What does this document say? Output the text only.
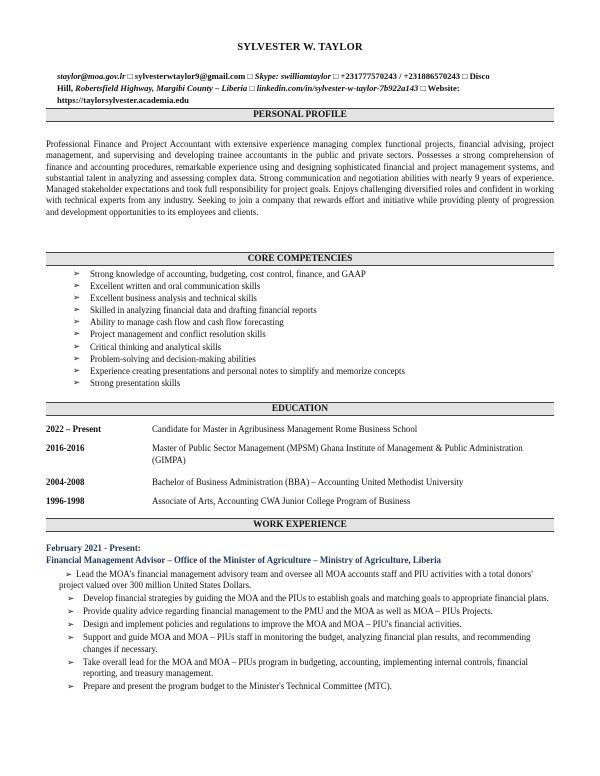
SYLVESTER W. TAYLOR
staylor@moa.gov.lr □ sylvesterwtaylor9@gmail.com □ Skype: swilliamtaylor □ +231777570243 / +231886570243 □ Disco
Hill, Robertsfield Highway, Margibi County – Liberia □ linkedin.com/in/sylvester-w-taylor-7b922a143 □ Website:
https://taylorsylvester.academia.edu
PERSONAL PROFILE
Professional Finance and Project Accountant with extensive experience managing complex functional projects, financial advising, project management, and supervising and developing trainee accountants in the public and private sectors. Possesses a strong comprehension of finance and accounting procedures, remarkable experience using and designing sophisticated financial and project management systems, and substantial talent in analyzing and assessing complex data. Strong communication and negotiation abilities with nearly 9 years of experience. Managed stakeholder expectations and took full responsibility for project goals. Enjoys challenging diversified roles and confident in working with technical experts from any industry. Seeking to join a company that rewards effort and initiative while providing plenty of progression and development opportunities to its employees and clients.
CORE COMPETENCIES
➢ Strong knowledge of accounting, budgeting, cost control, finance, and GAAP
➢ Excellent written and oral communication skills
➢ Excellent business analysis and technical skills
➢ Skilled in analyzing financial data and drafting financial reports
➢ Ability to manage cash flow and cash flow forecasting
➢ Project management and conflict resolution skills
➢ Critical thinking and analytical skills
➢ Problem-solving and decision-making abilities
➢ Experience creating presentations and personal notes to simplify and memorize concepts
➢ Strong presentation skills
EDUCATION
2022 – Present	Candidate for Master in Agribusiness Management Rome Business School
2016-2016	Master of Public Sector Management (MPSM) Ghana Institute of Management & Public Administration (GIMPA)
2004-2008	Bachelor of Business Administration (BBA) – Accounting United Methodist University
1996-1998	Associate of Arts, Accounting CWA Junior College Program of Business
WORK EXPERIENCE
February 2021 - Present:
Financial Management Advisor – Office of the Minister of Agriculture – Ministry of Agriculture, Liberia
➢ Lead the MOA's financial management advisory team and oversee all MOA accounts staff and PIU activities with a total donors' project valued over 300 million United States Dollars.
➢ Develop financial strategies by guiding the MOA and the PIUs to establish goals and matching goals to appropriate financial plans.
➢ Provide quality advice regarding financial management to the PMU and the MOA as well as MOA – PIUs Projects.
➢ Design and implement policies and regulations to improve the MOA and MOA – PIU's financial activities.
➢ Support and guide MOA and MOA – PIUs staff in monitoring the budget, analyzing financial plan results, and recommending changes if necessary.
➢ Take overall lead for the MOA and MOA – PIUs program in budgeting, accounting, implementing internal controls, financial reporting, and treasury management.
➢ Prepare and present the program budget to the Minister's Technical Committee (MTC).
